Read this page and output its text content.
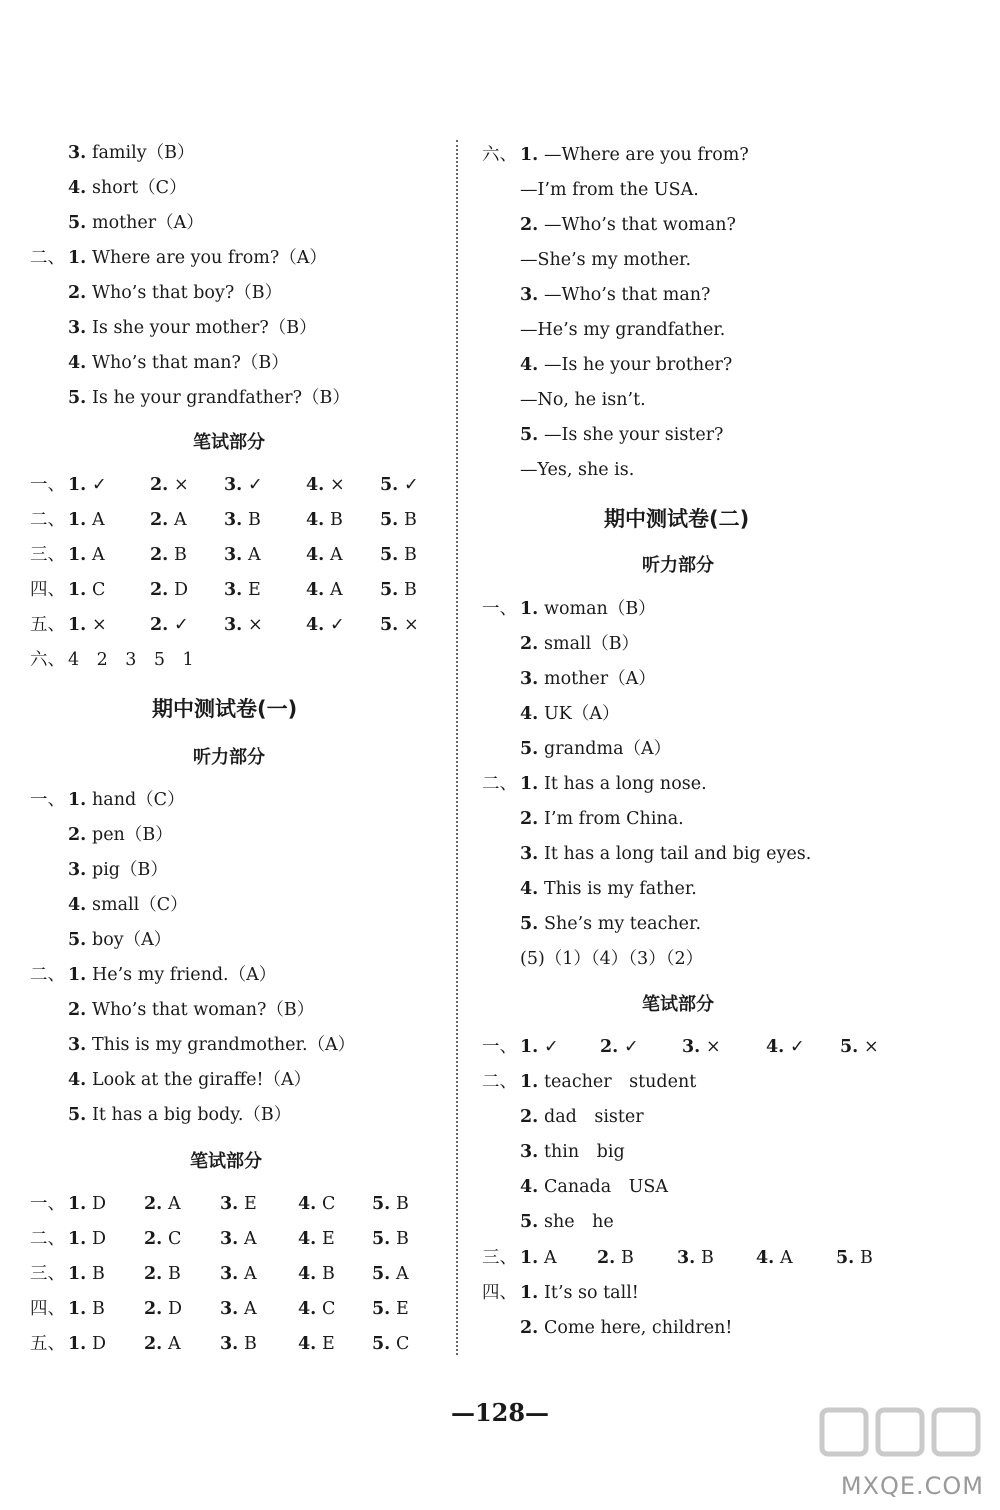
3. family（B）
4. short（C）
5. mother（A）
二、 1. Where are you from?（A）
2. Who’s that boy?（B）
3. Is she your mother?（B）
4. Who’s that man?（B）
5. Is he your grandfather?（B）
笔试部分
一、 1. ✓ 2. × 3. ✓ 4. × 5. ✓
二、 1. A	2. A 3. B	4. B 5. B
三、 1. A	2. B 3. A	4. A 5. B
四、 1. C	2. D 3. E	4. A 5. B
五、 1. × 2. ✓ 3. × 4. ✓ 5. ×
六、 4　2　3　5　1
期中测试卷(一)
听力部分
一、 1. hand（C）
2. pen（B）
3. pig（B）
4. small（C）
5. boy（A）
二、 1. He’s my friend.（A）
2. Who’s that woman?（B）
3. This is my grandmother.（A）
4. Look at the giraffe!（A）
5. It has a big body.（B）
笔试部分
一、 1. D 2. A 3. E 4. C 5. B
二、 1. D 2. C 3. A 4. E 5. B
三、 1. B 2. B 3. A 4. B 5. A
四、 1. B 2. D 3. A 4. C 5. E
五、 1. D 2. A 3. B 4. E 5. C
六、 1. —Where are you from?
—I’m from the USA.
2. —Who’s that woman?
—She’s my mother.
3. —Who’s that man?
—He’s my grandfather.
4. —Is he your brother?
—No, he isn’t.
5. —Is she your sister?
—Yes, she is.
期中测试卷(二)
听力部分
一、 1. woman（B）
2. small（B）
3. mother（A）
4. UK（A）
5. grandma（A）
二、 1. It has a long nose.
2. I’m from China.
3. It has a long tail and big eyes.
4. This is my father.
5. She’s my teacher.
(5)（1）（4）（3）（2）
笔试部分
一、 1. ✓ 2. ✓ 3. ×	4. ✓ 5. ×
二、 1. teacher　student
2. dad　sister
3. thin　big
4. Canada　USA
5. she　he
三、 1. A 2. B 3. B 4. A 5. B
四、 1. It’s so tall!
2. Come here, children!
—128—
MXQE.COM
